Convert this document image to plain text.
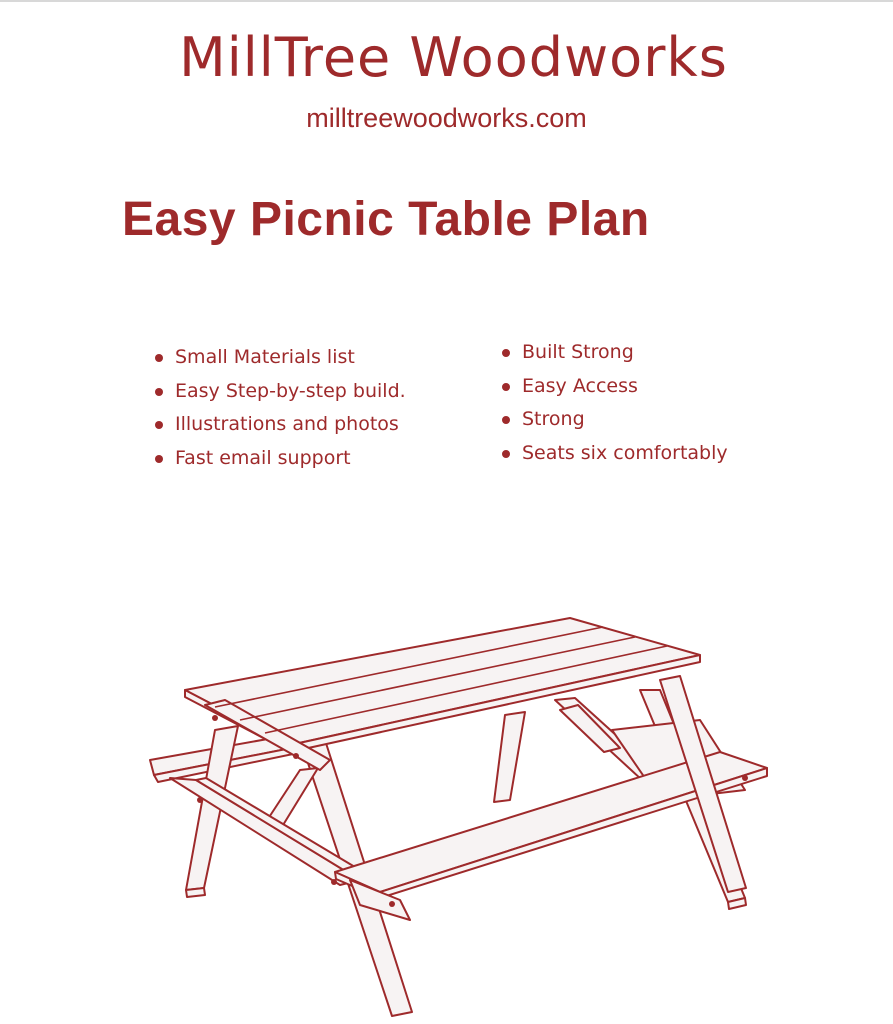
MillTree Woodworks
milltreewoodworks.com
Easy Picnic Table Plan
Small Materials list
Easy Step-by-step build.
Illustrations and photos
Fast email support
Built Strong
Easy Access
Strong
Seats six comfortably
